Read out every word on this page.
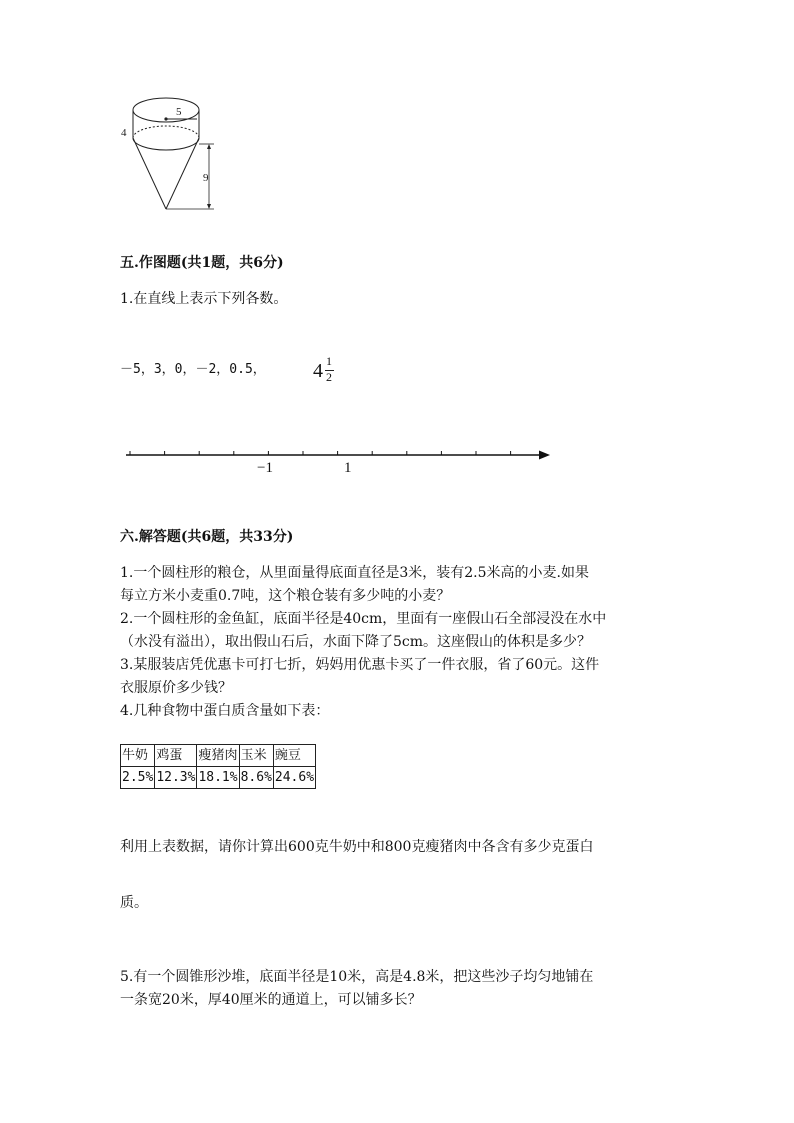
5
4
9
五.作图题(共1题，共6分)
1.在直线上表示下列各数。
－5，3，0，－2，0.5， 4 1
2
−1	1
六.解答题(共6题，共33分)
1.一个圆柱形的粮仓，从里面量得底面直径是3米，装有2.5米高的小麦.如果
每立方米小麦重0.7吨，这个粮仓装有多少吨的小麦？
2.一个圆柱形的金鱼缸，底面半径是40cm，里面有一座假山石全部浸没在水中
（水没有溢出），取出假山石后，水面下降了5cm。这座假山的体积是多少？
3.某服装店凭优惠卡可打七折，妈妈用优惠卡买了一件衣服，省了60元。这件
衣服原价多少钱？
4.几种食物中蛋白质含量如下表：
牛奶	鸡蛋	瘦猪肉	玉米	豌豆
2.5%	12.3%	18.1%	8.6%	24.6%
利用上表数据，请你计算出600克牛奶中和800克瘦猪肉中各含有多少克蛋白
质。
5.有一个圆锥形沙堆，底面半径是10米，高是4.8米，把这些沙子均匀地铺在
一条宽20米，厚40厘米的通道上，可以铺多长？
